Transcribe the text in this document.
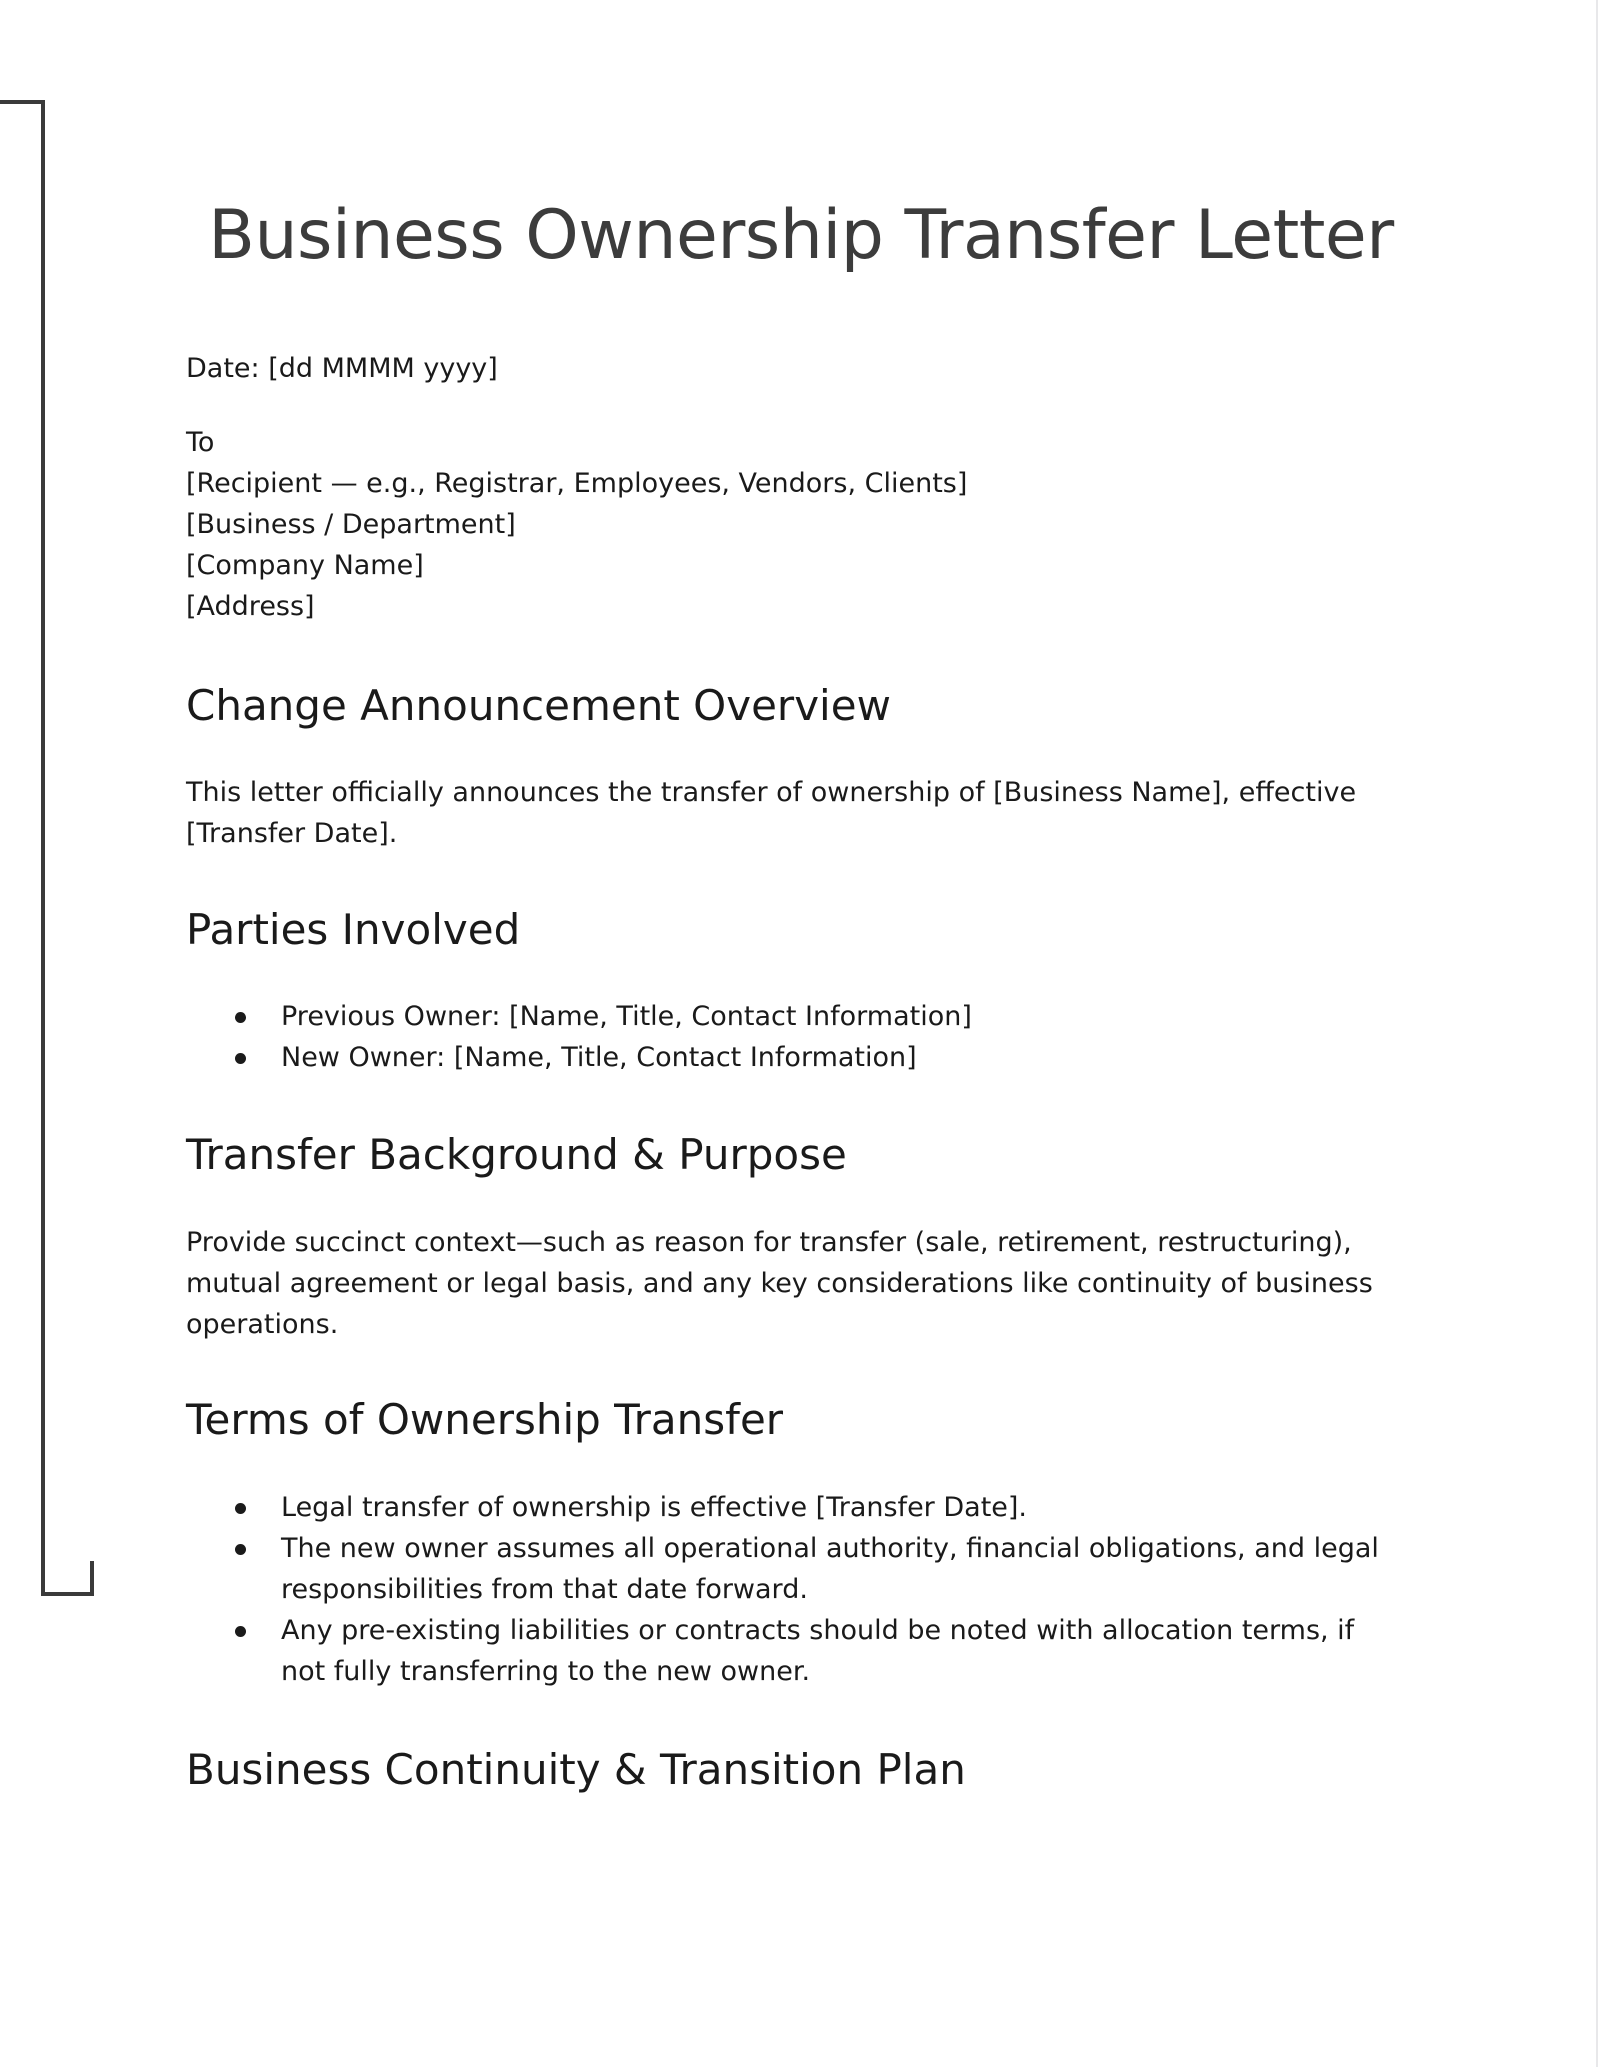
Business Ownership Transfer Letter

Date: [dd MMMM yyyy]

To
[Recipient — e.g., Registrar, Employees, Vendors, Clients]
[Business / Department]
[Company Name]
[Address]

Change Announcement Overview

This letter officially announces the transfer of ownership of [Business Name], effective
[Transfer Date].

Parties Involved
Previous Owner: [Name, Title, Contact Information]
New Owner: [Name, Title, Contact Information]
Transfer Background & Purpose

Provide succinct context—such as reason for transfer (sale, retirement, restructuring),
mutual agreement or legal basis, and any key considerations like continuity of business
operations.

Terms of Ownership Transfer
Legal transfer of ownership is effective [Transfer Date].
The new owner assumes all operational authority, financial obligations, and legal
responsibilities from that date forward.
Any pre-existing liabilities or contracts should be noted with allocation terms, if
not fully transferring to the new owner.
Business Continuity & Transition Plan
